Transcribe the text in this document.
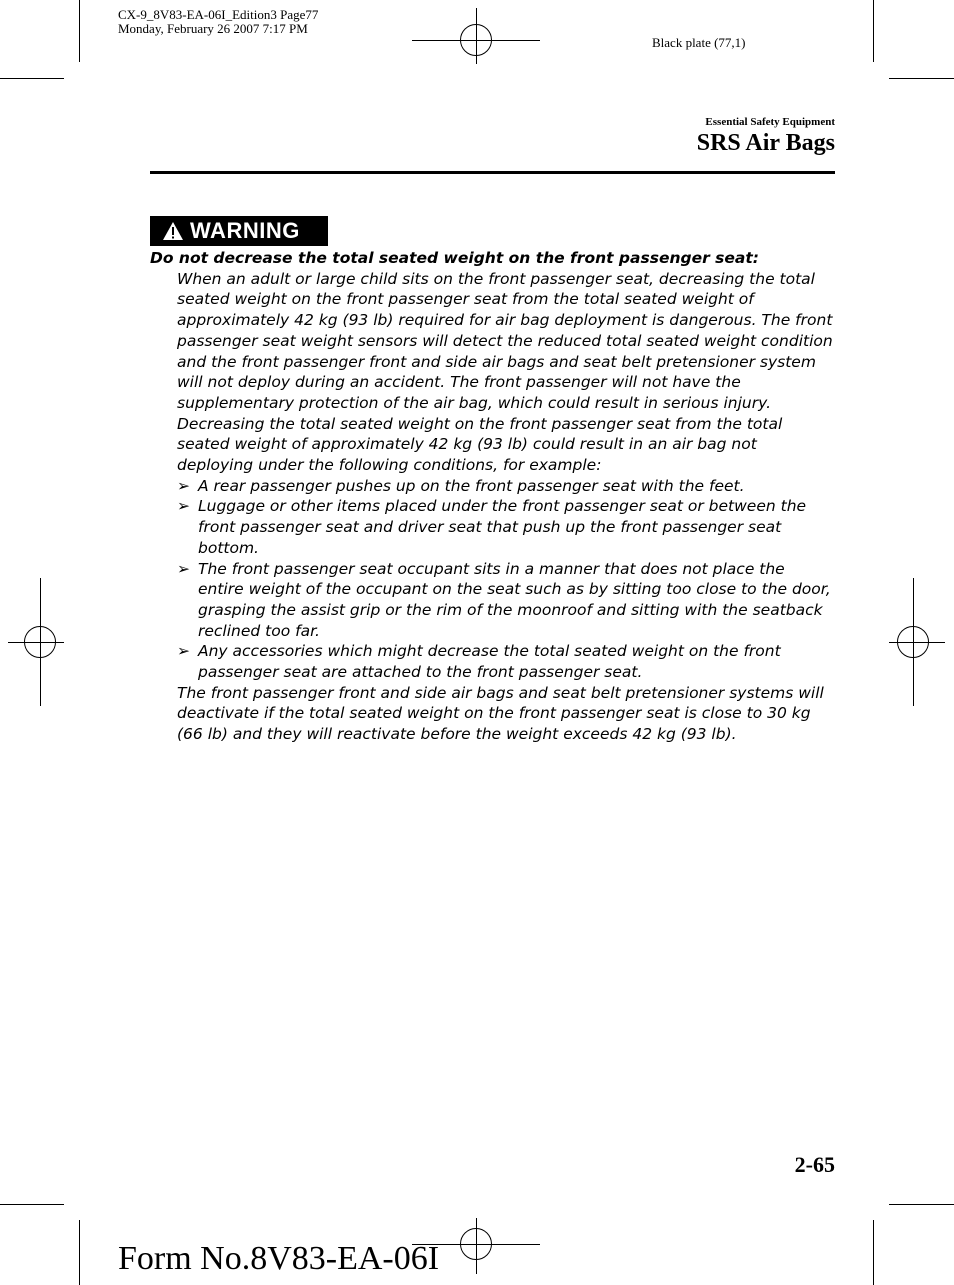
CX-9_8V83-EA-06I_Edition3 Page77
Monday, February 26 2007 7:17 PM
Black plate (77,1)
Essential Safety Equipment
SRS Air Bags
WARNING
Do not decrease the total seated weight on the front passenger seat:
When an adult or large child sits on the front passenger seat, decreasing the total seated weight on the front passenger seat from the total seated weight of approximately 42 kg (93 lb) required for air bag deployment is dangerous. The front passenger seat weight sensors will detect the reduced total seated weight condition and the front passenger front and side air bags and seat belt pretensioner system will not deploy during an accident. The front passenger will not have the supplementary protection of the air bag, which could result in serious injury.
Decreasing the total seated weight on the front passenger seat from the total seated weight of approximately 42 kg (93 lb) could result in an air bag not deploying under the following conditions, for example:
➢ A rear passenger pushes up on the front passenger seat with the feet.
➢ Luggage or other items placed under the front passenger seat or between the front passenger seat and driver seat that push up the front passenger seat bottom.
➢ The front passenger seat occupant sits in a manner that does not place the entire weight of the occupant on the seat such as by sitting too close to the door, grasping the assist grip or the rim of the moonroof and sitting with the seatback reclined too far.
➢ Any accessories which might decrease the total seated weight on the front passenger seat are attached to the front passenger seat.
The front passenger front and side air bags and seat belt pretensioner systems will deactivate if the total seated weight on the front passenger seat is close to 30 kg (66 lb) and they will reactivate before the weight exceeds 42 kg (93 lb).
2-65
Form No.8V83-EA-06I
